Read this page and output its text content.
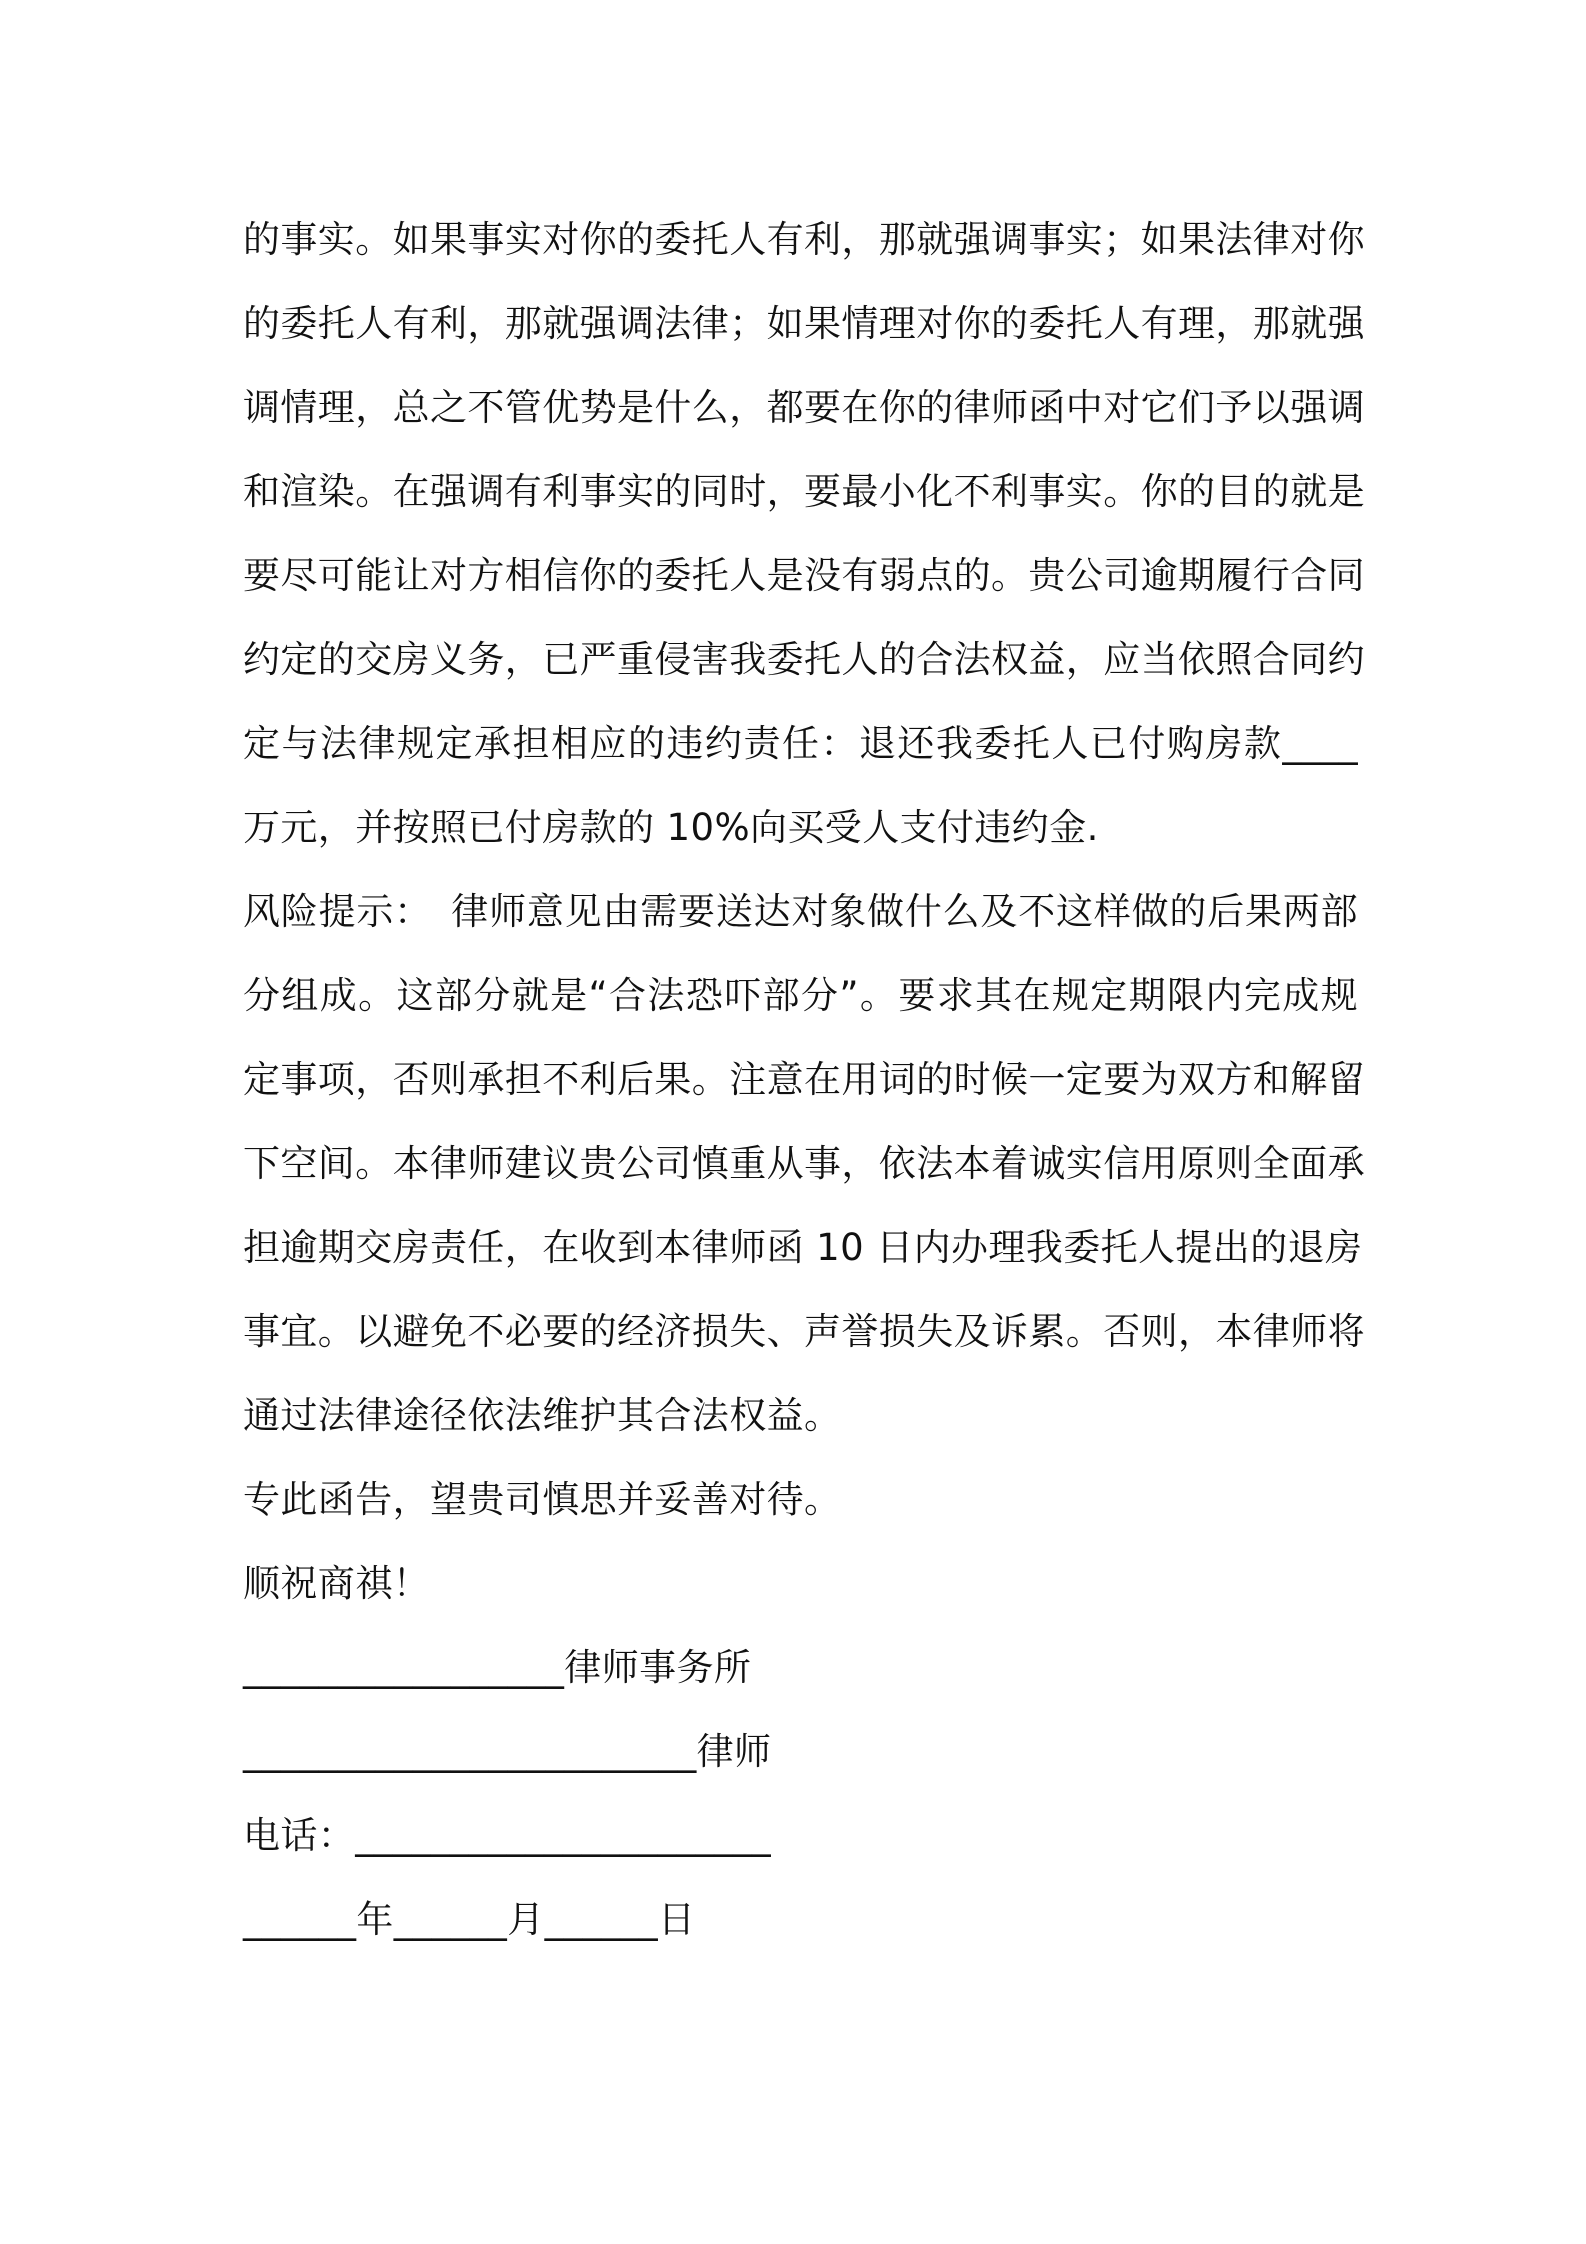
的事实。如果事实对你的委托人有利，那就强调事实；如果法律对你
的委托人有利，那就强调法律；如果情理对你的委托人有理，那就强
调情理，总之不管优势是什么，都要在你的律师函中对它们予以强调
和渲染。在强调有利事实的同时，要最小化不利事实。你的目的就是
要尽可能让对方相信你的委托人是没有弱点的。贵公司逾期履行合同
约定的交房义务，已严重侵害我委托人的合法权益，应当依照合同约
定与法律规定承担相应的违约责任：退还我委托人已付购房款____
万元，并按照已付房款的 10%向买受人支付违约金.
风险提示：　律师意见由需要送达对象做什么及不这样做的后果两部
分组成。这部分就是“合法恐吓部分”。要求其在规定期限内完成规
定事项，否则承担不利后果。注意在用词的时候一定要为双方和解留
下空间。本律师建议贵公司慎重从事，依法本着诚实信用原则全面承
担逾期交房责任，在收到本律师函 10 日内办理我委托人提出的退房
事宜。以避免不必要的经济损失、声誉损失及诉累。否则，本律师将
通过法律途径依法维护其合法权益。
专此函告，望贵司慎思并妥善对待。
顺祝商祺！
_________________律师事务所
________________________律师
电话：______________________
______年______月______日
